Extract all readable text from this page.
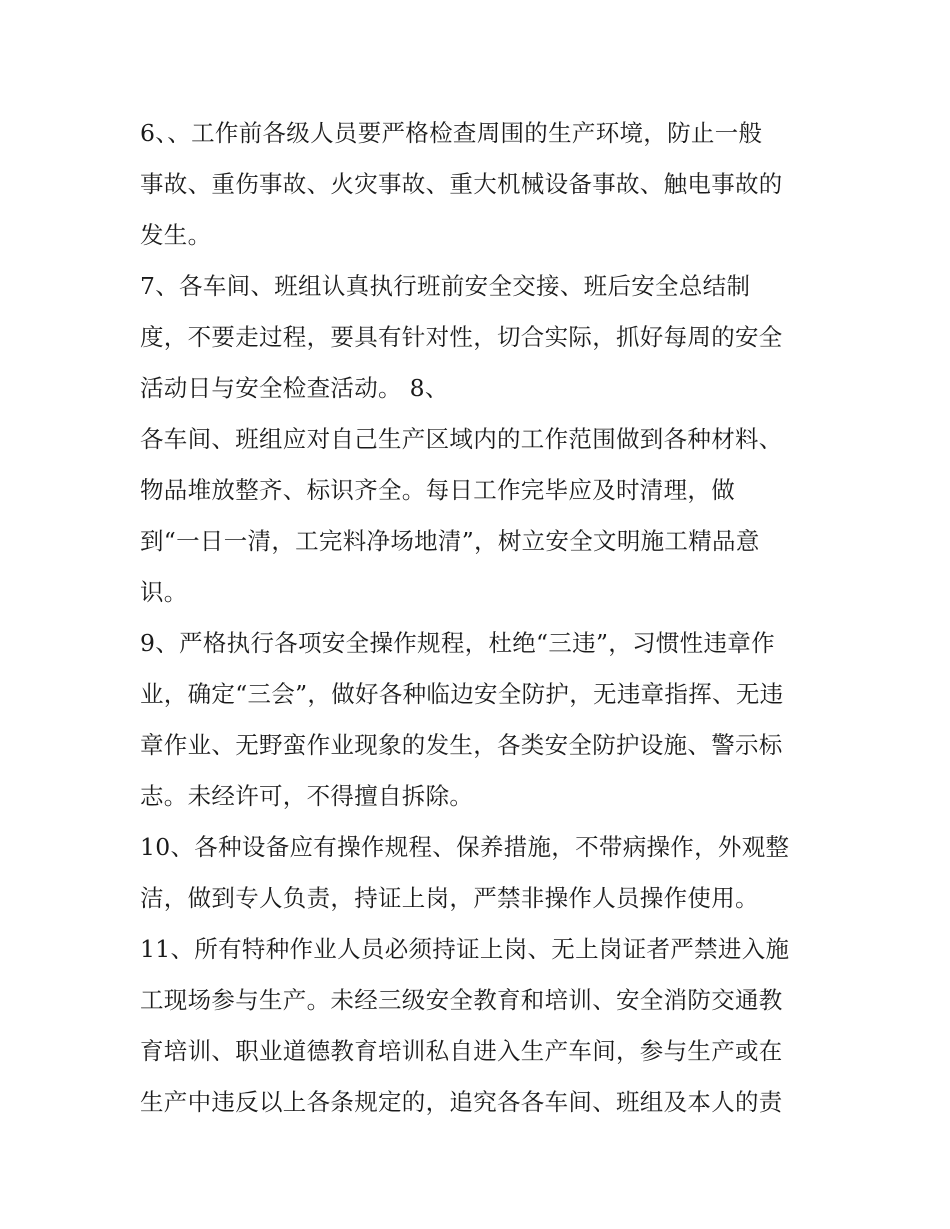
6、、工作前各级人员要严格检查周围的生产环境，防止一般
事故、重伤事故、火灾事故、重大机械设备事故、触电事故的
发生。
7、各车间、班组认真执行班前安全交接、班后安全总结制
度，不要走过程，要具有针对性，切合实际，抓好每周的安全
活动日与安全检查活动。 8、
各车间、班组应对自己生产区域内的工作范围做到各种材料、
物品堆放整齐、标识齐全。每日工作完毕应及时清理，做
到“一日一清，工完料净场地清”，树立安全文明施工精品意
识。
9、严格执行各项安全操作规程，杜绝“三违”，习惯性违章作
业，确定“三会”，做好各种临边安全防护，无违章指挥、无违
章作业、无野蛮作业现象的发生，各类安全防护设施、警示标
志。未经许可，不得擅自拆除。
10、各种设备应有操作规程、保养措施，不带病操作，外观整
洁，做到专人负责，持证上岗，严禁非操作人员操作使用。
11、所有特种作业人员必须持证上岗、无上岗证者严禁进入施
工现场参与生产。未经三级安全教育和培训、安全消防交通教
育培训、职业道德教育培训私自进入生产车间，参与生产或在
生产中违反以上各条规定的，追究各各车间、班组及本人的责
